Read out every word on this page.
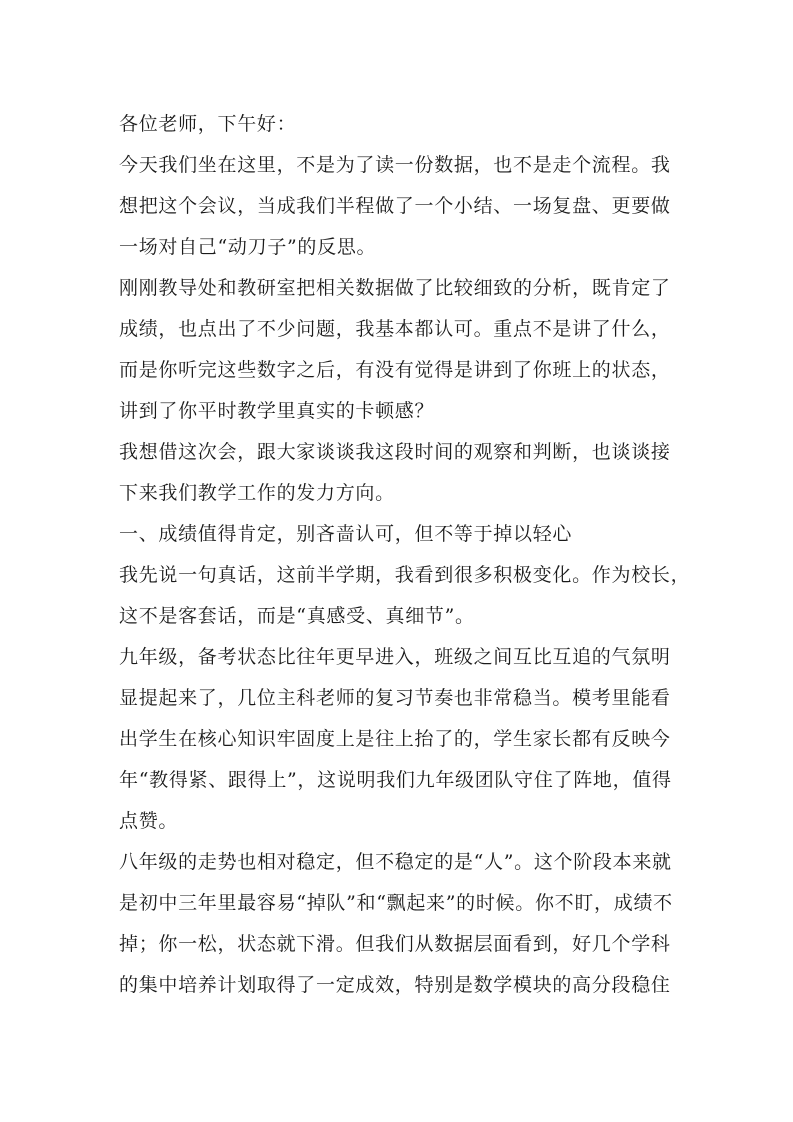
各位老师，下午好：
今天我们坐在这里，不是为了读一份数据，也不是走个流程。我
想把这个会议，当成我们半程做了一个小结、一场复盘、更要做
一场对自己“动刀子”的反思。
刚刚教导处和教研室把相关数据做了比较细致的分析，既肯定了
成绩，也点出了不少问题，我基本都认可。重点不是讲了什么，
而是你听完这些数字之后，有没有觉得是讲到了你班上的状态，
讲到了你平时教学里真实的卡顿感？
我想借这次会，跟大家谈谈我这段时间的观察和判断，也谈谈接
下来我们教学工作的发力方向。
一、成绩值得肯定，别吝啬认可，但不等于掉以轻心
我先说一句真话，这前半学期，我看到很多积极变化。作为校长，
这不是客套话，而是“真感受、真细节”。
九年级，备考状态比往年更早进入，班级之间互比互追的气氛明
显提起来了，几位主科老师的复习节奏也非常稳当。模考里能看
出学生在核心知识牢固度上是往上抬了的，学生家长都有反映今
年“教得紧、跟得上”，这说明我们九年级团队守住了阵地，值得
点赞。
八年级的走势也相对稳定，但不稳定的是“人”。这个阶段本来就
是初中三年里最容易“掉队”和“飘起来”的时候。你不盯，成绩不
掉；你一松，状态就下滑。但我们从数据层面看到，好几个学科
的集中培养计划取得了一定成效，特别是数学模块的高分段稳住
